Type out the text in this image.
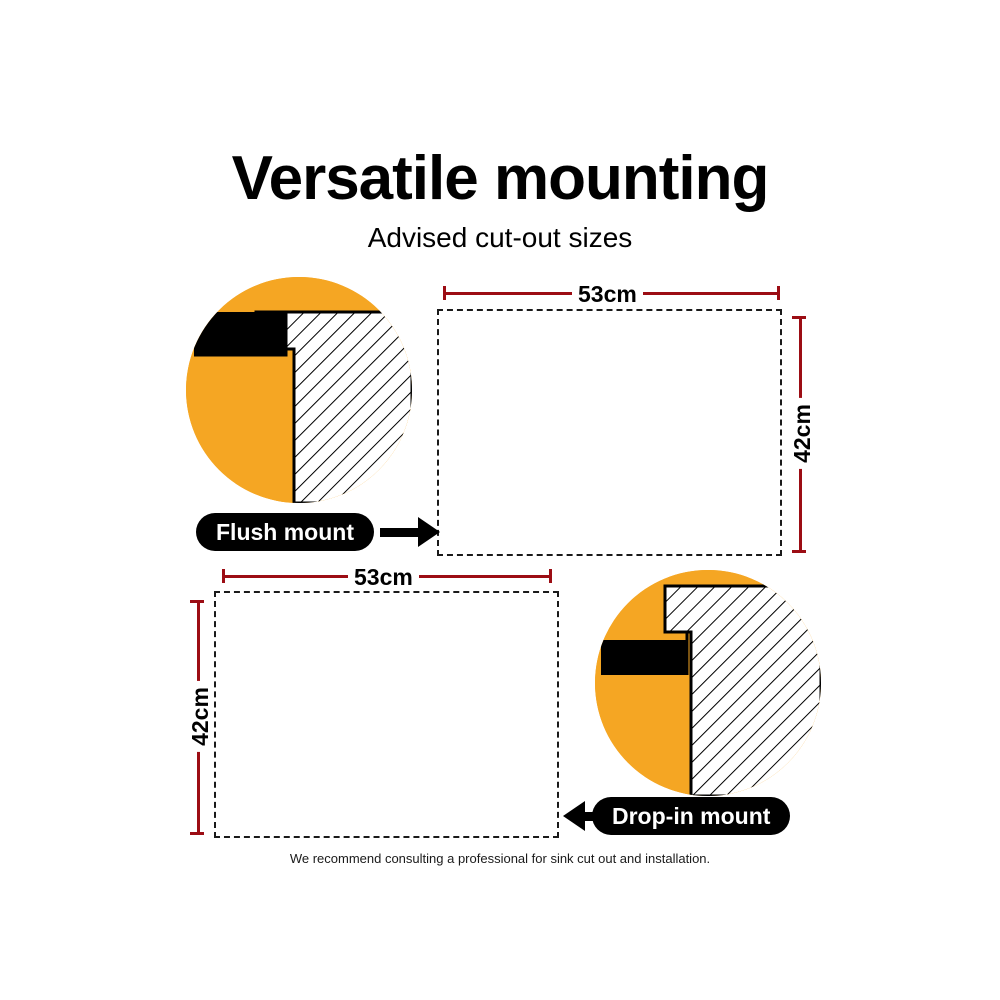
Versatile mounting
Advised cut-out sizes
53cm
42cm
Flush mount
53cm
42cm
Drop-in mount
We recommend consulting a professional for sink cut out and installation.
